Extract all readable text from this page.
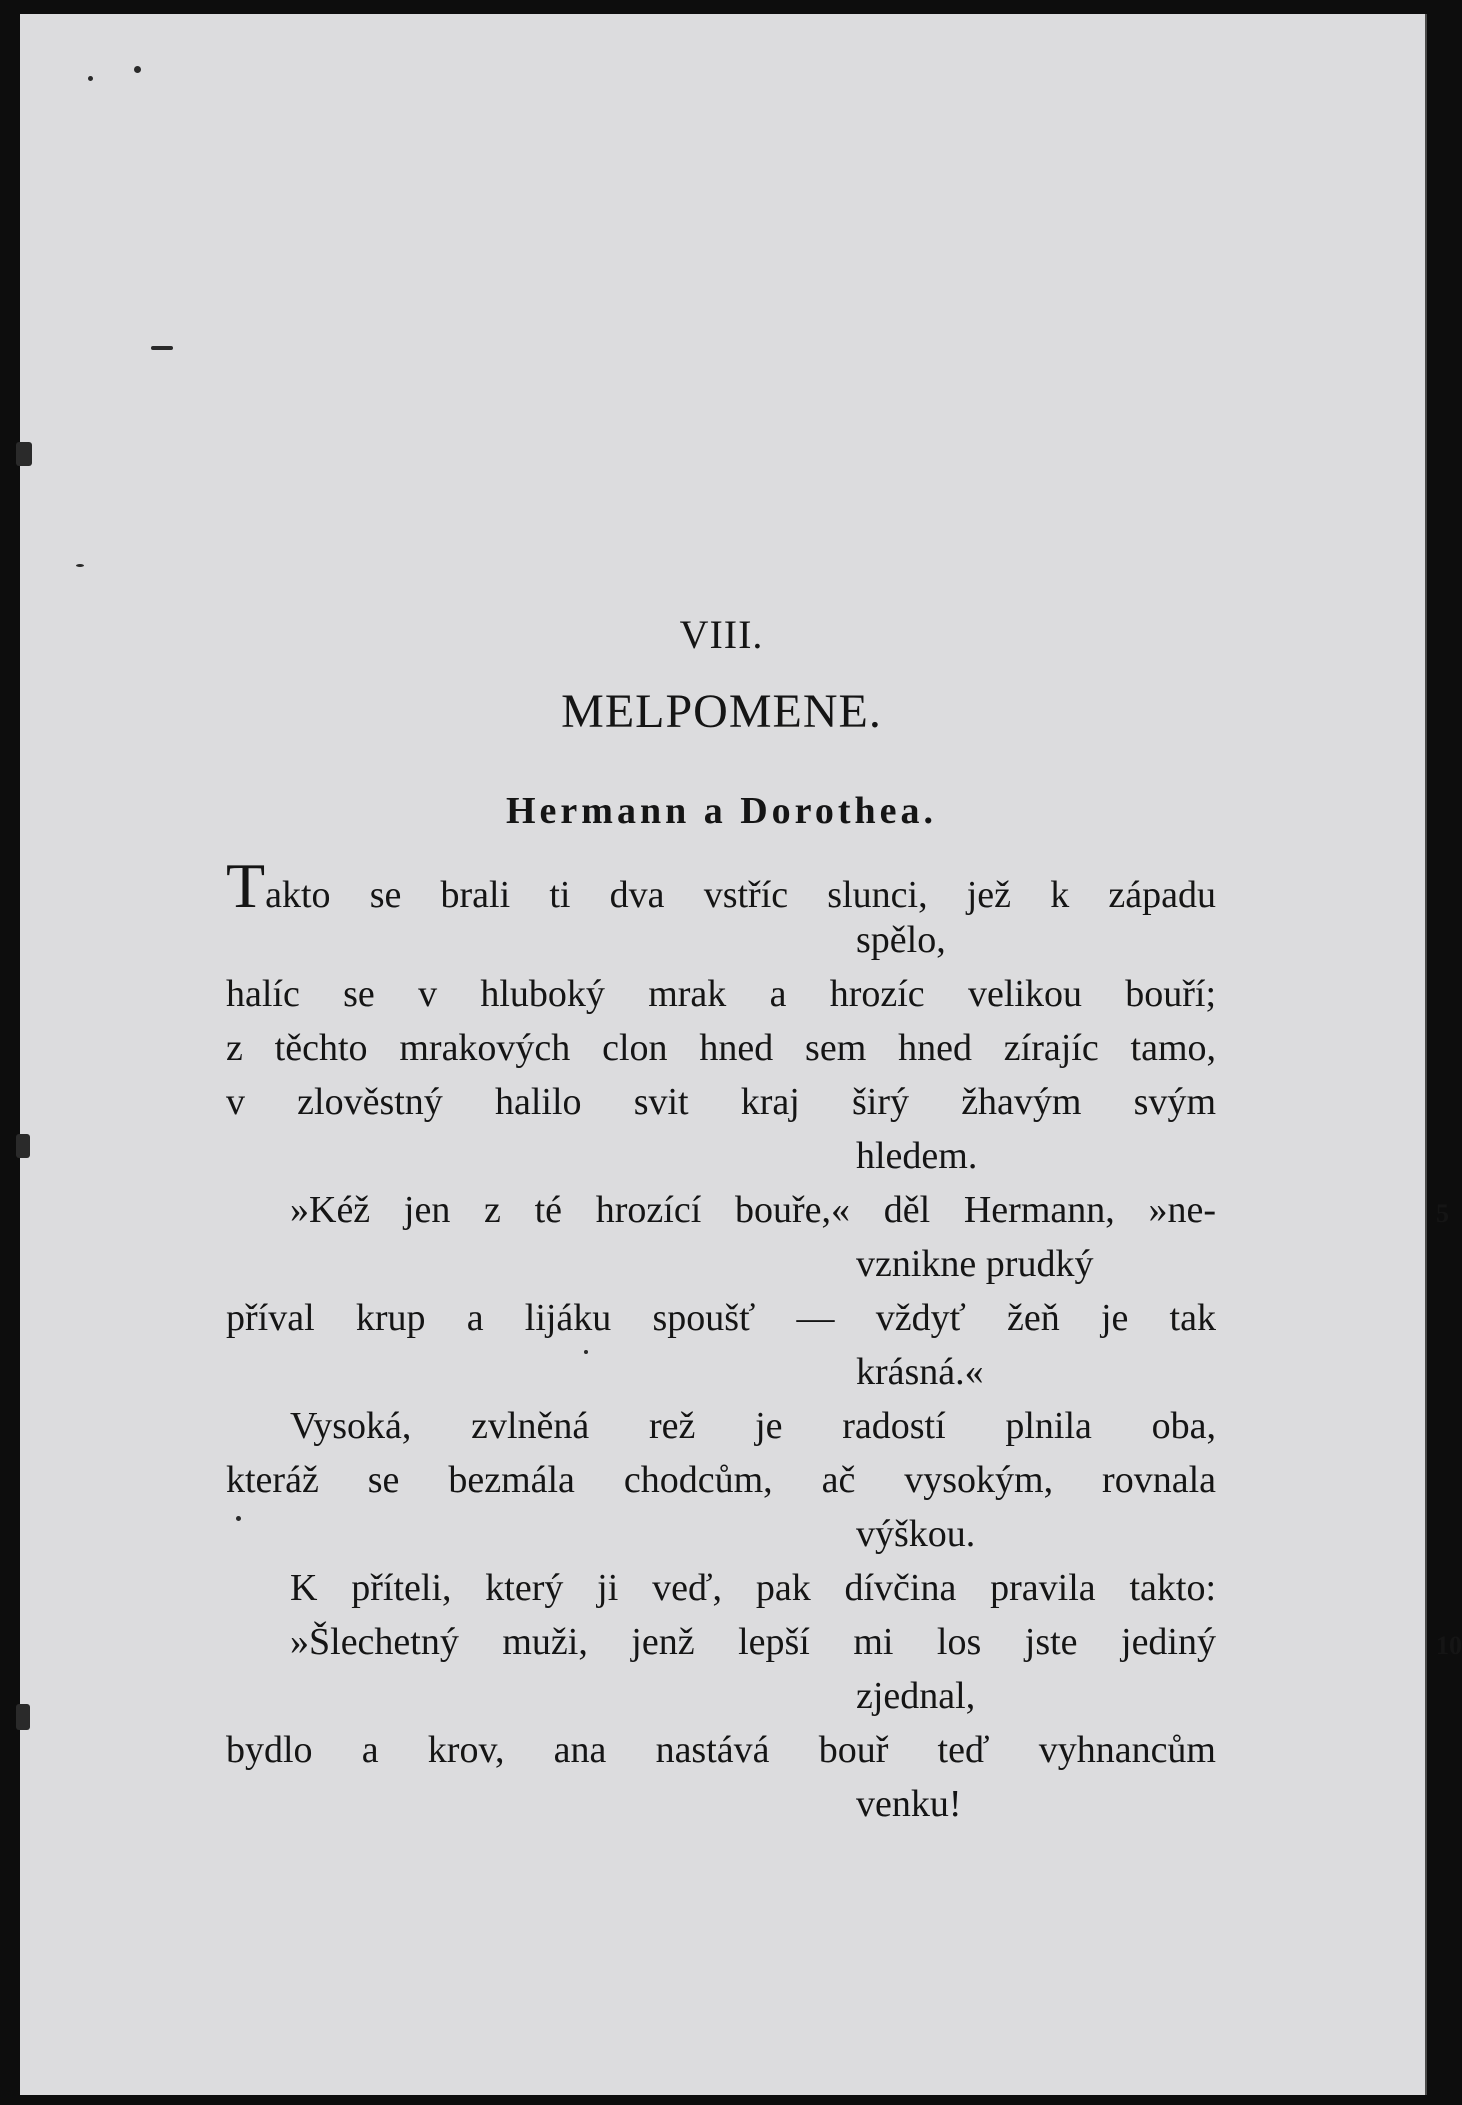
VIII.
MELPOMENE.
Hermann a Dorothea.
Takto se brali ti dva vstříc slunci, jež k západu
spělo,
halíc se v hluboký mrak a hrozíc velikou bouří;
z těchto mrakových clon hned sem hned zírajíc tamo,
v zlověstný halilo svit kraj širý žhavým svým
hledem.
»Kéž jen z té hrozící bouře,« děl Hermann, »ne-
vznikne prudký
příval krup a lijáku spoušť — vždyť žeň je tak
krásná.«
Vysoká, zvlněná rež je radostí plnila oba,
kteráž se bezmála chodcům, ač vysokým, rovnala
výškou.
K příteli, který ji veď, pak dívčina pravila takto:
»Šlechetný muži, jenž lepší mi los jste jediný
zjednal,
bydlo a krov, ana nastává bouř teď vyhnancům
venku!
5
10
